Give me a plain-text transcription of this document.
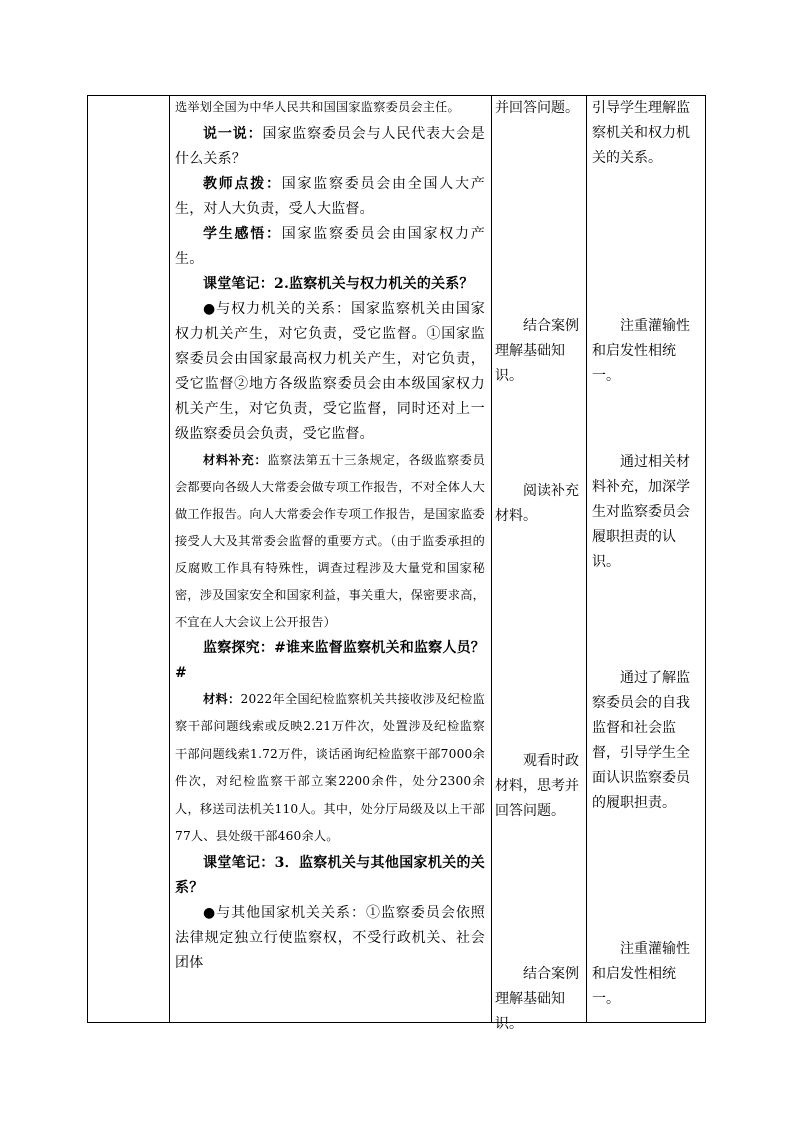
选举划全国为中华人民共和国国家监察委员会主任。

说一说：国家监察委员会与人民代表大会是什么关系？

教师点拨：国家监察委员会由全国人大产生，对人大负责，受人大监督。

学生感悟：国家监察委员会由国家权力产生。

课堂笔记：2.监察机关与权力机关的关系？

●与权力机关的关系：国家监察机关由国家权力机关产生，对它负责，受它监督。①国家监察委员会由国家最高权力机关产生，对它负责，受它监督②地方各级监察委员会由本级国家权力机关产生，对它负责，受它监督，同时还对上一级监察委员会负责，受它监督。

材料补充：监察法第五十三条规定，各级监察委员会都要向各级人大常委会做专项工作报告，不对全体人大做工作报告。向人大常委会作专项工作报告，是国家监委接受人大及其常委会监督的重要方式。（由于监委承担的反腐败工作具有特殊性，调查过程涉及大量党和国家秘密，涉及国家安全和国家利益，事关重大，保密要求高，不宜在人大会议上公开报告）

监察探究：#谁来监督监察机关和监察人员？#

材料：2022年全国纪检监察机关共接收涉及纪检监察干部问题线索或反映2.21万件次，处置涉及纪检监察干部问题线索1.72万件，谈话函询纪检监察干部7000余件次，对纪检监察干部立案2200余件，处分2300余人，移送司法机关110人。其中，处分厅局级及以上干部77人、县处级干部460余人。

课堂笔记：3．监察机关与其他国家机关的关系？

●与其他国家机关关系：①监察委员会依照法律规定独立行使监察权，不受行政机关、社会团体

并回答问题。

结合案例理解基础知识。

阅读补充材料。

观看时政材料，思考并回答问题。

结合案例理解基础知识。

引导学生理解监察机关和权力机关的关系。

注重灌输性和启发性相统一。

通过相关材料补充，加深学生对监察委员会履职担责的认识。

通过了解监察委员会的自我监督和社会监督，引导学生全面认识监察委员的履职担责。

注重灌输性和启发性相统一。
